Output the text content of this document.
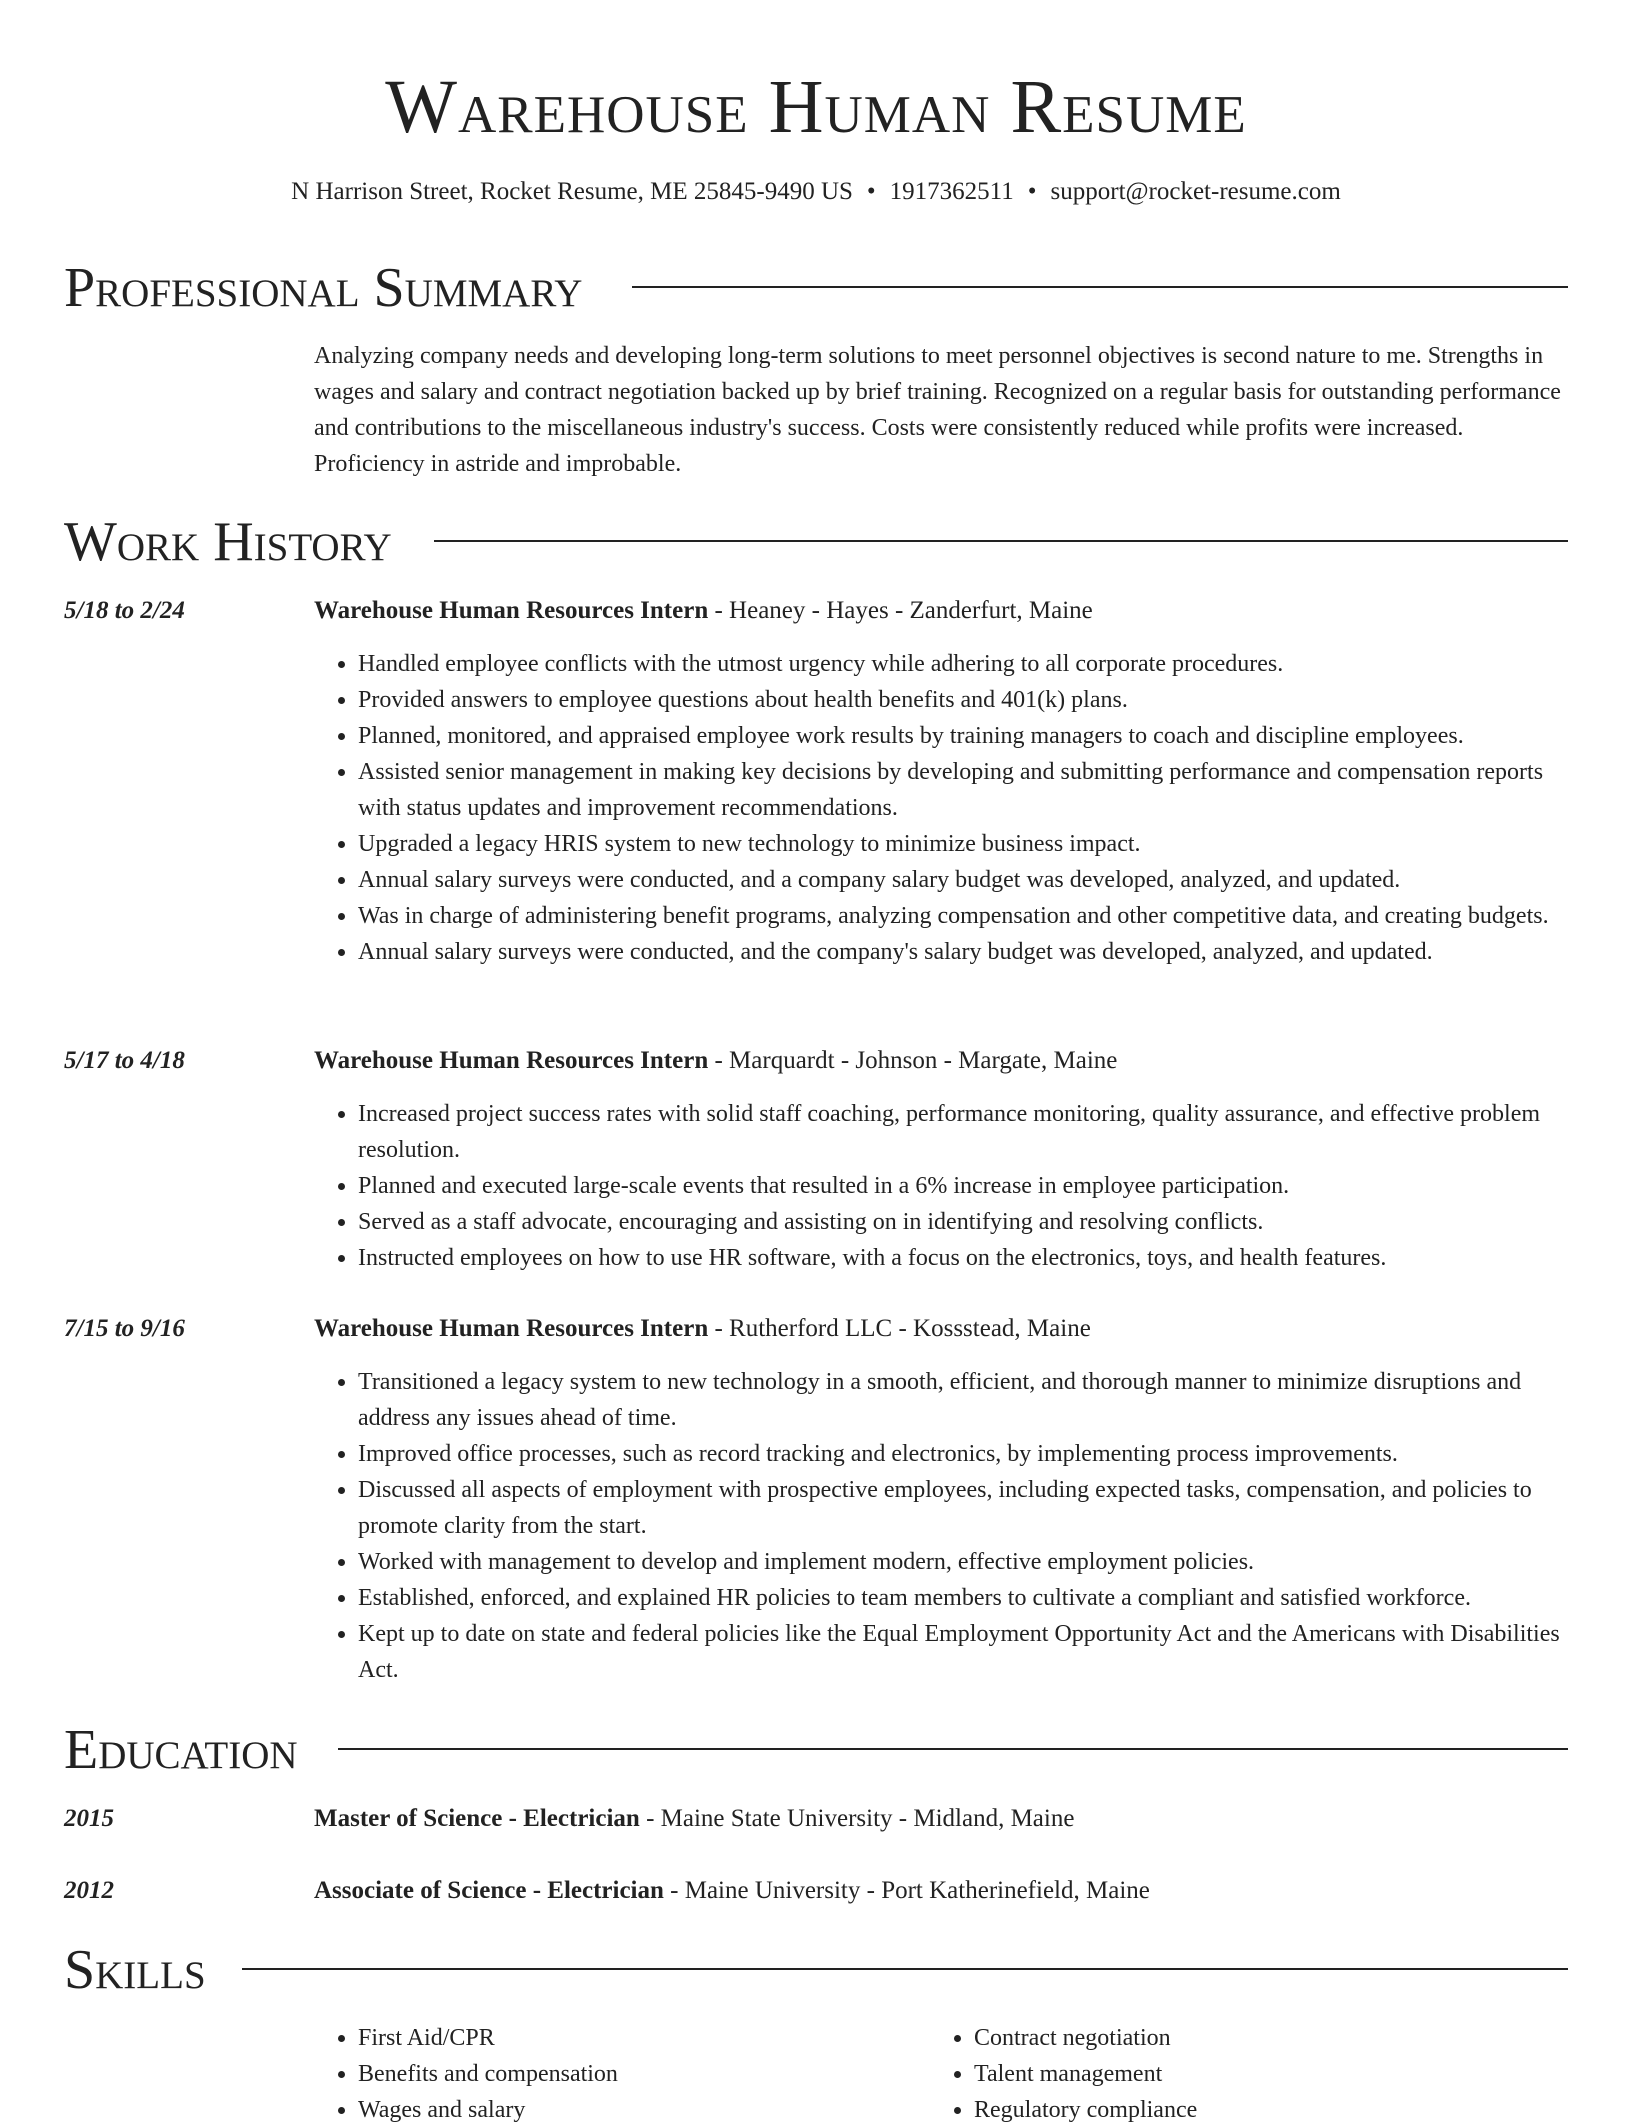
Warehouse Human Resume
N Harrison Street, Rocket Resume, ME 25845-9490 US • 1917362511 • support@rocket-resume.com
Professional Summary

Analyzing company needs and developing long-term solutions to meet personnel objectives is second nature to me. Strengths in wages and salary and contract negotiation backed up by brief training. Recognized on a regular basis for outstanding performance and contributions to the miscellaneous industry's success. Costs were consistently reduced while profits were increased. Proficiency in astride and improbable.

Work History
5/18 to 2/24	Warehouse Human Resources Intern - Heaney - Hayes - Zanderfurt, Maine
• Handled employee conflicts with the utmost urgency while adhering to all corporate procedures.
• Provided answers to employee questions about health benefits and 401(k) plans.
• Planned, monitored, and appraised employee work results by training managers to coach and discipline employees.
• Assisted senior management in making key decisions by developing and submitting performance and compensation reports with status updates and improvement recommendations.
• Upgraded a legacy HRIS system to new technology to minimize business impact.
• Annual salary surveys were conducted, and a company salary budget was developed, analyzed, and updated.
• Was in charge of administering benefit programs, analyzing compensation and other competitive data, and creating budgets.
• Annual salary surveys were conducted, and the company's salary budget was developed, analyzed, and updated.
5/17 to 4/18	Warehouse Human Resources Intern - Marquardt - Johnson - Margate, Maine
• Increased project success rates with solid staff coaching, performance monitoring, quality assurance, and effective problem resolution.
• Planned and executed large-scale events that resulted in a 6% increase in employee participation.
• Served as a staff advocate, encouraging and assisting on in identifying and resolving conflicts.
• Instructed employees on how to use HR software, with a focus on the electronics, toys, and health features.
7/15 to 9/16	Warehouse Human Resources Intern - Rutherford LLC - Kossstead, Maine
• Transitioned a legacy system to new technology in a smooth, efficient, and thorough manner to minimize disruptions and address any issues ahead of time.
• Improved office processes, such as record tracking and electronics, by implementing process improvements.
• Discussed all aspects of employment with prospective employees, including expected tasks, compensation, and policies to promote clarity from the start.
• Worked with management to develop and implement modern, effective employment policies.
• Established, enforced, and explained HR policies to team members to cultivate a compliant and satisfied workforce.
• Kept up to date on state and federal policies like the Equal Employment Opportunity Act and the Americans with Disabilities Act.
Education
2015	Master of Science - Electrician - Maine State University - Midland, Maine
2012	Associate of Science - Electrician - Maine University - Port Katherinefield, Maine
Skills
• First Aid/CPR
• Benefits and compensation
• Wages and salary
• Contract negotiation
• Talent management
• Regulatory compliance
